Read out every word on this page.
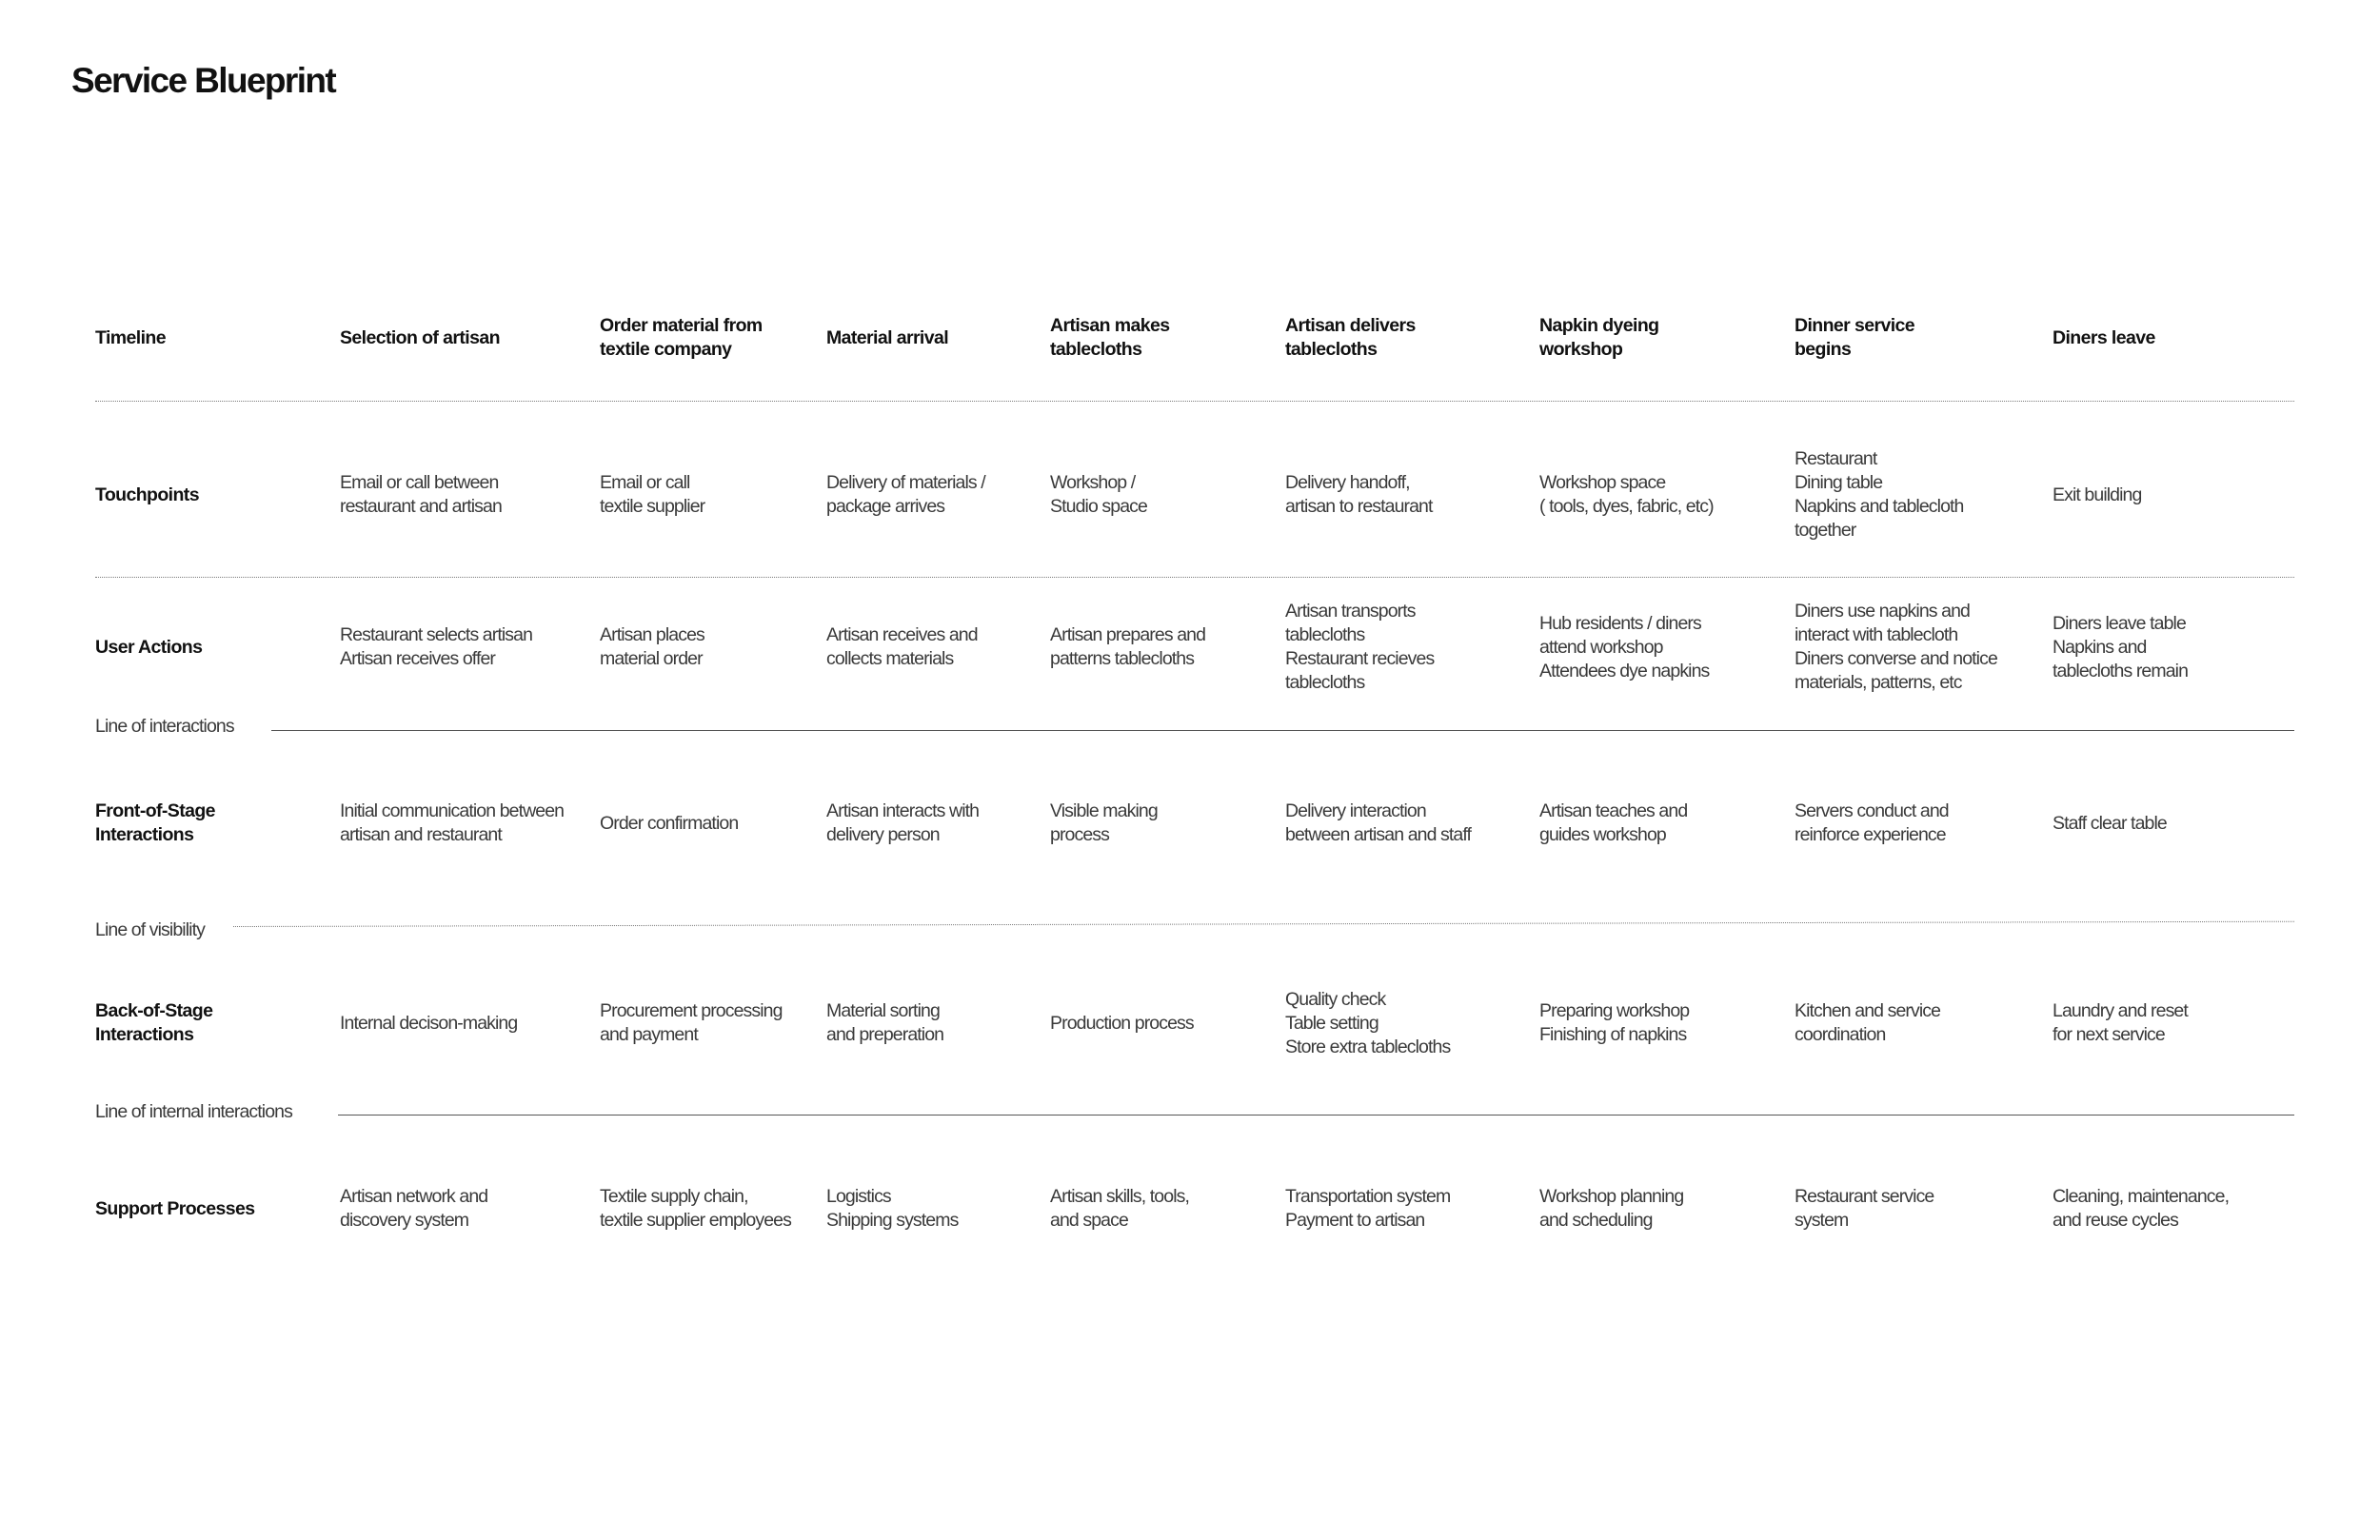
Service Blueprint
Timeline	Selection of artisan
Order material from
textile company
Material arrival
Artisan makes
tablecloths
Artisan delivers
tablecloths
Napkin dyeing
workshop
Dinner service
begins
Diners leave
Touchpoints
Email or call between
restaurant and artisan
Email or call
textile supplier
Delivery of materials /
package arrives
Workshop /
Studio space
Delivery handoff,
artisan to restaurant
Workshop space
( tools, dyes, fabric, etc)
Restaurant
Dining table
Napkins and tablecloth
together
Exit building
User Actions
Restaurant selects artisan
Artisan receives offer
Artisan places
material order
Artisan receives and
collects materials
Artisan prepares and
patterns tablecloths
Artisan transports
tablecloths
Restaurant recieves
tablecloths
Hub residents / diners
attend workshop
Attendees dye napkins
Diners use napkins and
interact with tablecloth
Diners converse and notice
materials, patterns, etc
Diners leave table
Napkins and
tablecloths remain
Line of interactions
Front-of-Stage
Interactions
Initial communication between
artisan and restaurant
Order confirmation
Artisan interacts with
delivery person
Visible making
process
Delivery interaction
between artisan and staff
Artisan teaches and
guides workshop
Servers conduct and
reinforce experience
Staff clear table
Line of visibility
Back-of-Stage
Interactions
Internal decison-making
Procurement processing
and payment
Material sorting
and preperation
Production process
Quality check
Table setting
Store extra tablecloths
Preparing workshop
Finishing of napkins
Kitchen and service
coordination
Laundry and reset
for next service
Line of internal interactions
Support Processes
Artisan network and
discovery system
Textile supply chain,
textile supplier employees
Logistics
Shipping systems
Artisan skills, tools,
and space
Transportation system
Payment to artisan
Workshop planning
and scheduling
Restaurant service
system
Cleaning, maintenance,
and reuse cycles
